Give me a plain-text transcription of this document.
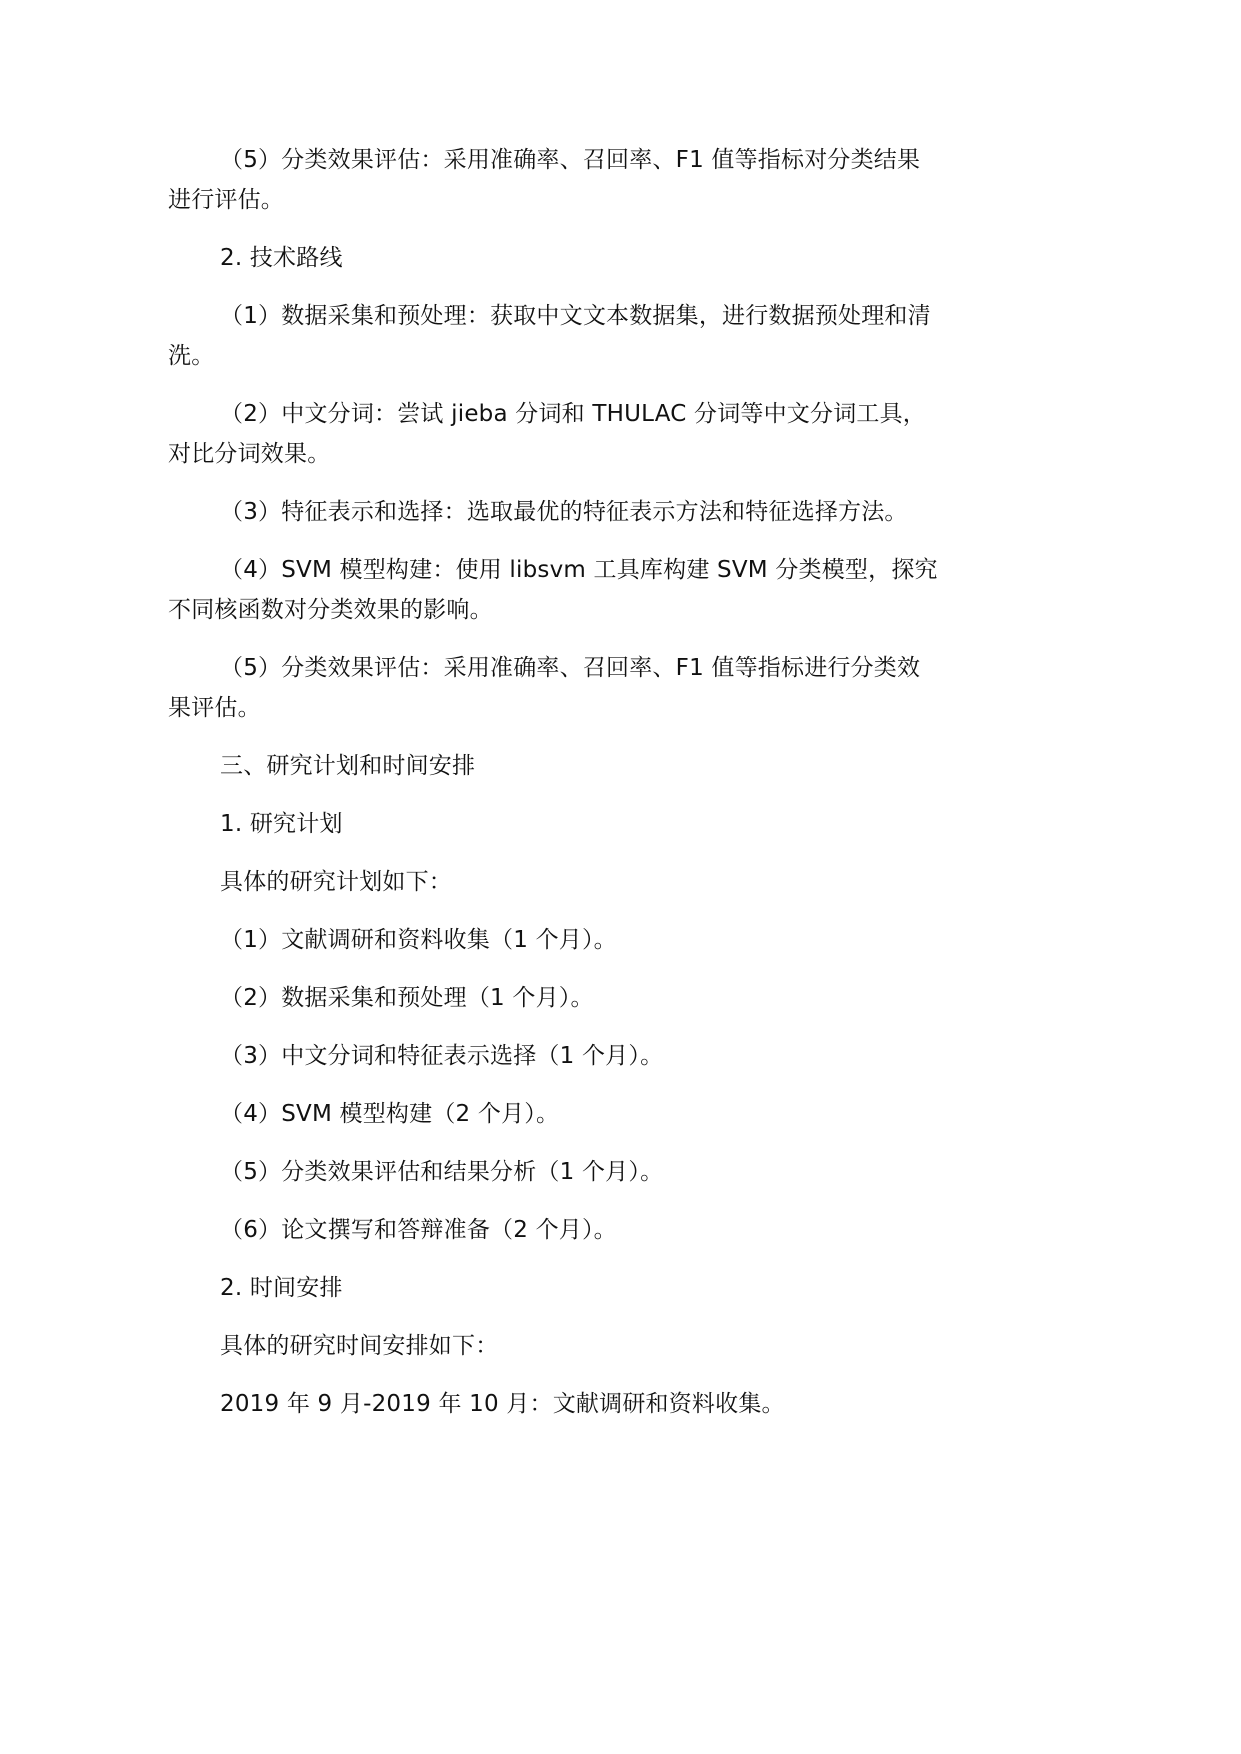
（5）分类效果评估：采用准确率、召回率、F1 值等指标对分类结果进行评估。

2. 技术路线

（1）数据采集和预处理：获取中文文本数据集，进行数据预处理和清洗。

（2）中文分词：尝试 jieba 分词和 THULAC 分词等中文分词工具，对比分词效果。

（3）特征表示和选择：选取最优的特征表示方法和特征选择方法。

（4）SVM 模型构建：使用 libsvm 工具库构建 SVM 分类模型，探究不同核函数对分类效果的影响。

（5）分类效果评估：采用准确率、召回率、F1 值等指标进行分类效果评估。

三、研究计划和时间安排

1. 研究计划

具体的研究计划如下：

（1）文献调研和资料收集（1 个月）。

（2）数据采集和预处理（1 个月）。

（3）中文分词和特征表示选择（1 个月）。

（4）SVM 模型构建（2 个月）。

（5）分类效果评估和结果分析（1 个月）。

（6）论文撰写和答辩准备（2 个月）。

2. 时间安排

具体的研究时间安排如下：

2019 年 9 月-2019 年 10 月：文献调研和资料收集。
